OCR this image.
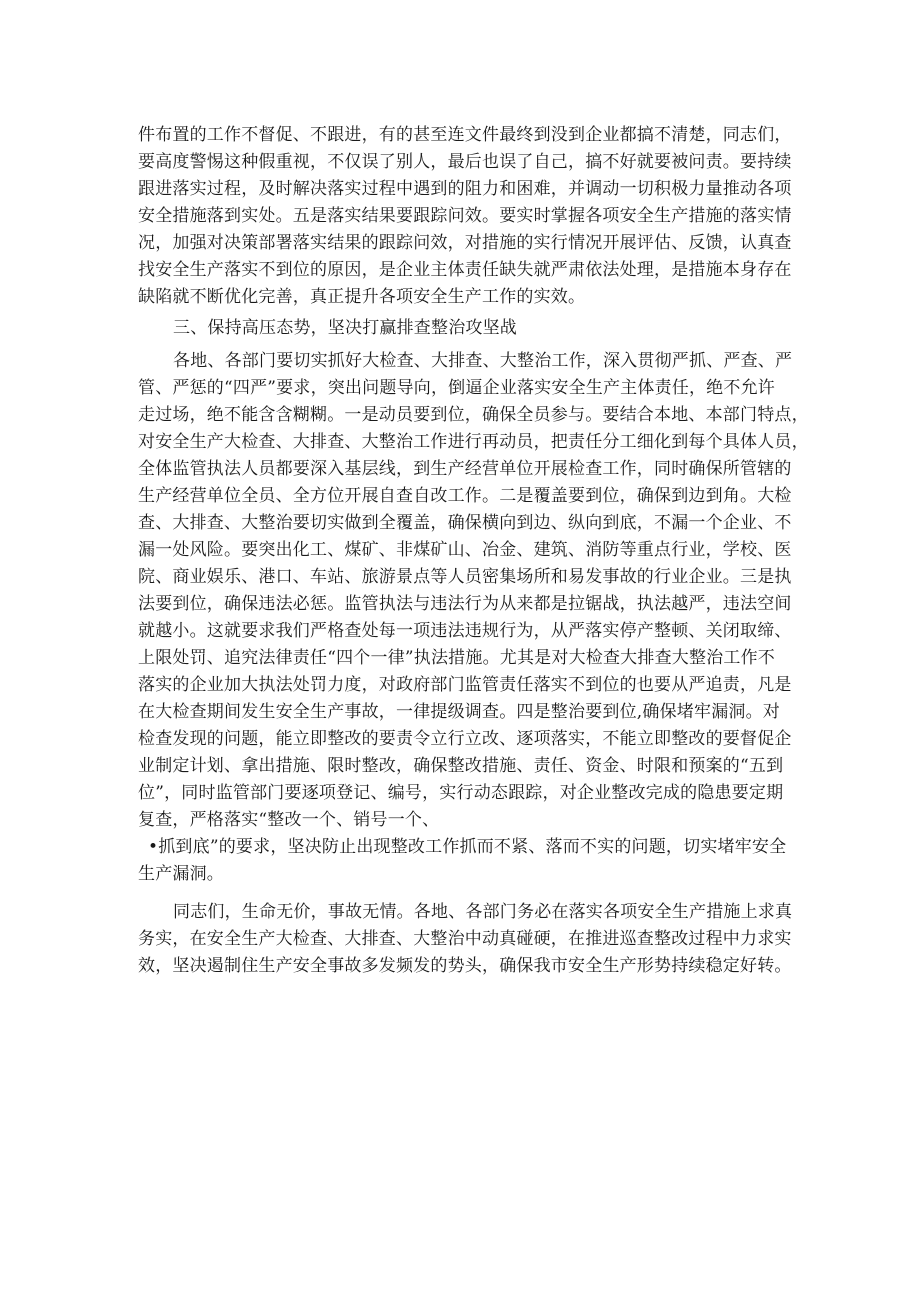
件布置的工作不督促、不跟进，有的甚至连文件最终到没到企业都搞不清楚，同志们，
要高度警惕这种假重视，不仅误了别人，最后也误了自己，搞不好就要被问责。要持续
跟进落实过程，及时解决落实过程中遇到的阻力和困难，并调动一切积极力量推动各项
安全措施落到实处。五是落实结果要跟踪问效。要实时掌握各项安全生产措施的落实情
况，加强对决策部署落实结果的跟踪问效，对措施的实行情况开展评估、反馈，认真查
找安全生产落实不到位的原因，是企业主体责任缺失就严肃依法处理，是措施本身存在
缺陷就不断优化完善，真正提升各项安全生产工作的实效。
三、保持高压态势，坚决打赢排查整治攻坚战
各地、各部门要切实抓好大检查、大排查、大整治工作，深入贯彻严抓、严查、严
管、严惩的“四严”要求，突出问题导向，倒逼企业落实安全生产主体责任，绝不允许
走过场，绝不能含含糊糊。一是动员要到位，确保全员参与。要结合本地、本部门特点，
对安全生产大检查、大排查、大整治工作进行再动员，把责任分工细化到每个具体人员，
全体监管执法人员都要深入基层线，到生产经营单位开展检查工作，同时确保所管辖的
生产经营单位全员、全方位开展自查自改工作。二是覆盖要到位，确保到边到角。大检
查、大排查、大整治要切实做到全覆盖，确保横向到边、纵向到底，不漏一个企业、不
漏一处风险。要突出化工、煤矿、非煤矿山、冶金、建筑、消防等重点行业，学校、医
院、商业娱乐、港口、车站、旅游景点等人员密集场所和易发事故的行业企业。三是执
法要到位，确保违法必惩。监管执法与违法行为从来都是拉锯战，执法越严，违法空间
就越小。这就要求我们严格查处每一项违法违规行为，从严落实停产整顿、关闭取缔、
上限处罚、追究法律责任“四个一律”执法措施。尤其是对大检查大排查大整治工作不
落实的企业加大执法处罚力度，对政府部门监管责任落实不到位的也要从严追责，凡是
在大检查期间发生安全生产事故，一律提级调查。四是整治要到位,确保堵牢漏洞。对
检查发现的问题，能立即整改的要责令立行立改、逐项落实，不能立即整改的要督促企
业制定计划、拿出措施、限时整改，确保整改措施、责任、资金、时限和预案的“五到
位”，同时监管部门要逐项登记、编号，实行动态跟踪，对企业整改完成的隐患要定期
复查，严格落实“整改一个、销号一个、
•抓到底”的要求，坚决防止出现整改工作抓而不紧、落而不实的问题，切实堵牢安全
生产漏洞。
同志们，生命无价，事故无情。各地、各部门务必在落实各项安全生产措施上求真
务实，在安全生产大检查、大排查、大整治中动真碰硬，在推进巡查整改过程中力求实
效，坚决遏制住生产安全事故多发频发的势头，确保我市安全生产形势持续稳定好转。
